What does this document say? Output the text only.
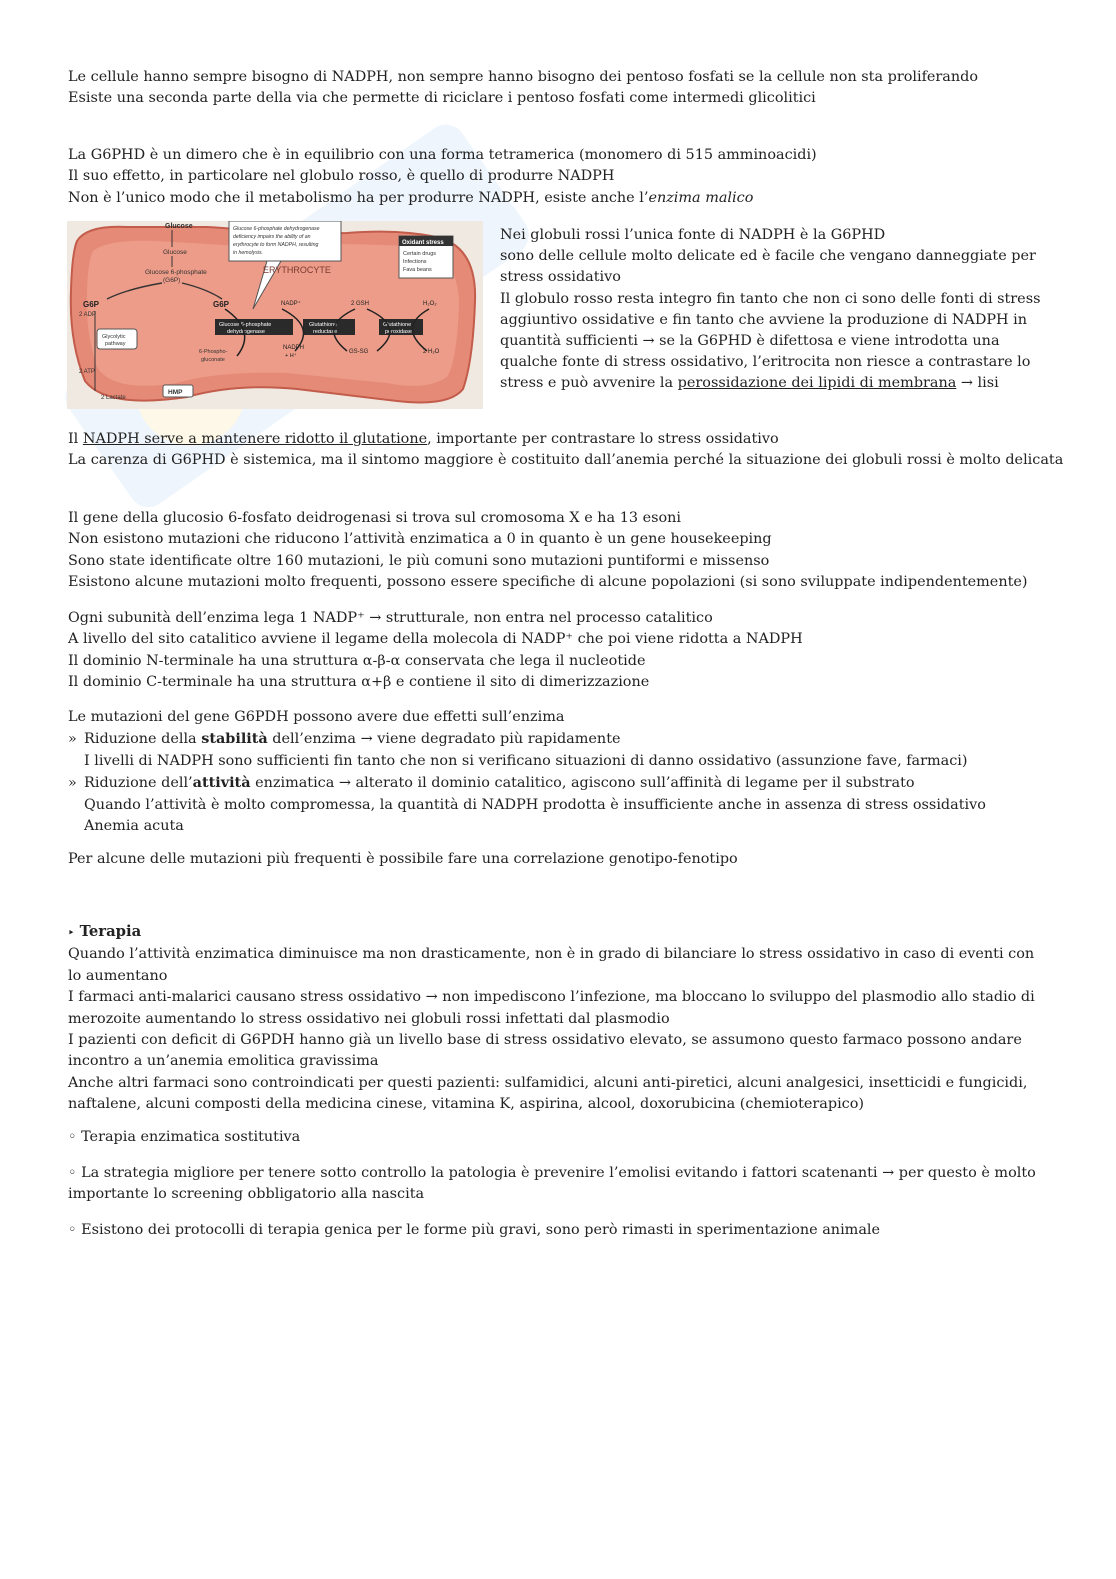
Le cellule hanno sempre bisogno di NADPH, non sempre hanno bisogno dei pentoso fosfati se la cellule non sta proliferando

Esiste una seconda parte della via che permette di riciclare i pentoso fosfati come intermedi glicolitici

La G6PHD è un dimero che è in equilibrio con una forma tetramerica (monomero di 515 amminoacidi)

Il suo effetto, in particolare nel globulo rosso, è quello di produrre NADPH

Non è l’unico modo che il metabolismo ha per produrre NADPH, esiste anche l’enzima malico

Glucose
Glucose
Glucose 6-phosphate
(G6P)
G6P	G6P
2 ADP
2 ATP
Glycolytic
pathway
2 Lactate
HMP
Glucose 6-phosphate dehydrogenase
deficiency impairs the ability of an
erythrocyte to form NADPH, resulting
in hemolysis.
ERYTHROCYTE
Oxidant stress
Certain drugs
Infections
Fava beans
NADP⁺	2 GSH	H₂O₂
Glucose 6-phosphate
dehydrogenase
Glutathione
reductase
Glutathione
peroxidase
6-Phospho-
gluconate
NADPH
+ H⁺
GS-SG	2 H₂O

Nei globuli rossi l’unica fonte di NADPH è la G6PHD

sono delle cellule molto delicate ed è facile che vengano danneggiate per stress ossidativo

Il globulo rosso resta integro fin tanto che non ci sono delle fonti di stress aggiuntivo ossidative e fin tanto che avviene la produzione di NADPH in quantità sufficienti → se la G6PHD è difettosa e viene introdotta una qualche fonte di stress ossidativo, l’eritrocita non riesce a contrastare lo stress e può avvenire la perossidazione dei lipidi di membrana → lisi

Il NADPH serve a mantenere ridotto il glutatione, importante per contrastare lo stress ossidativo

La carenza di G6PHD è sistemica, ma il sintomo maggiore è costituito dall’anemia perché la situazione dei globuli rossi è molto delicata

Il gene della glucosio 6-fosfato deidrogenasi si trova sul cromosoma X e ha 13 esoni

Non esistono mutazioni che riducono l’attività enzimatica a 0 in quanto è un gene housekeeping

Sono state identificate oltre 160 mutazioni, le più comuni sono mutazioni puntiformi e missenso

Esistono alcune mutazioni molto frequenti, possono essere specifiche di alcune popolazioni (si sono sviluppate indipendentemente)

Ogni subunità dell’enzima lega 1 NADP⁺ → strutturale, non entra nel processo catalitico

A livello del sito catalitico avviene il legame della molecola di NADP⁺ che poi viene ridotta a NADPH

Il dominio N-terminale ha una struttura α-β-α conservata che lega il nucleotide

Il dominio C-terminale ha una struttura α+β e contiene il sito di dimerizzazione

Le mutazioni del gene G6PDH possono avere due effetti sull’enzima

» Riduzione della stabilità dell’enzima → viene degradato più rapidamente

I livelli di NADPH sono sufficienti fin tanto che non si verificano situazioni di danno ossidativo (assunzione fave, farmaci)

» Riduzione dell’attività enzimatica → alterato il dominio catalitico, agiscono sull’affinità di legame per il substrato

Quando l’attività è molto compromessa, la quantità di NADPH prodotta è insufficiente anche in assenza di stress ossidativo

Anemia acuta

Per alcune delle mutazioni più frequenti è possibile fare una correlazione genotipo-fenotipo

‣ Terapia

Quando l’attività enzimatica diminuisce ma non drasticamente, non è in grado di bilanciare lo stress ossidativo in caso di eventi con lo aumentano

I farmaci anti-malarici causano stress ossidativo → non impediscono l’infezione, ma bloccano lo sviluppo del plasmodio allo stadio di merozoite aumentando lo stress ossidativo nei globuli rossi infettati dal plasmodio

I pazienti con deficit di G6PDH hanno già un livello base di stress ossidativo elevato, se assumono questo farmaco possono andare incontro a un’anemia emolitica gravissima

Anche altri farmaci sono controindicati per questi pazienti: sulfamidici, alcuni anti-piretici, alcuni analgesici, insetticidi e fungicidi, naftalene, alcuni composti della medicina cinese, vitamina K, aspirina, alcool, doxorubicina (chemioterapico)

◦ Terapia enzimatica sostitutiva

◦ La strategia migliore per tenere sotto controllo la patologia è prevenire l’emolisi evitando i fattori scatenanti → per questo è molto importante lo screening obbligatorio alla nascita

◦ Esistono dei protocolli di terapia genica per le forme più gravi, sono però rimasti in sperimentazione animale
